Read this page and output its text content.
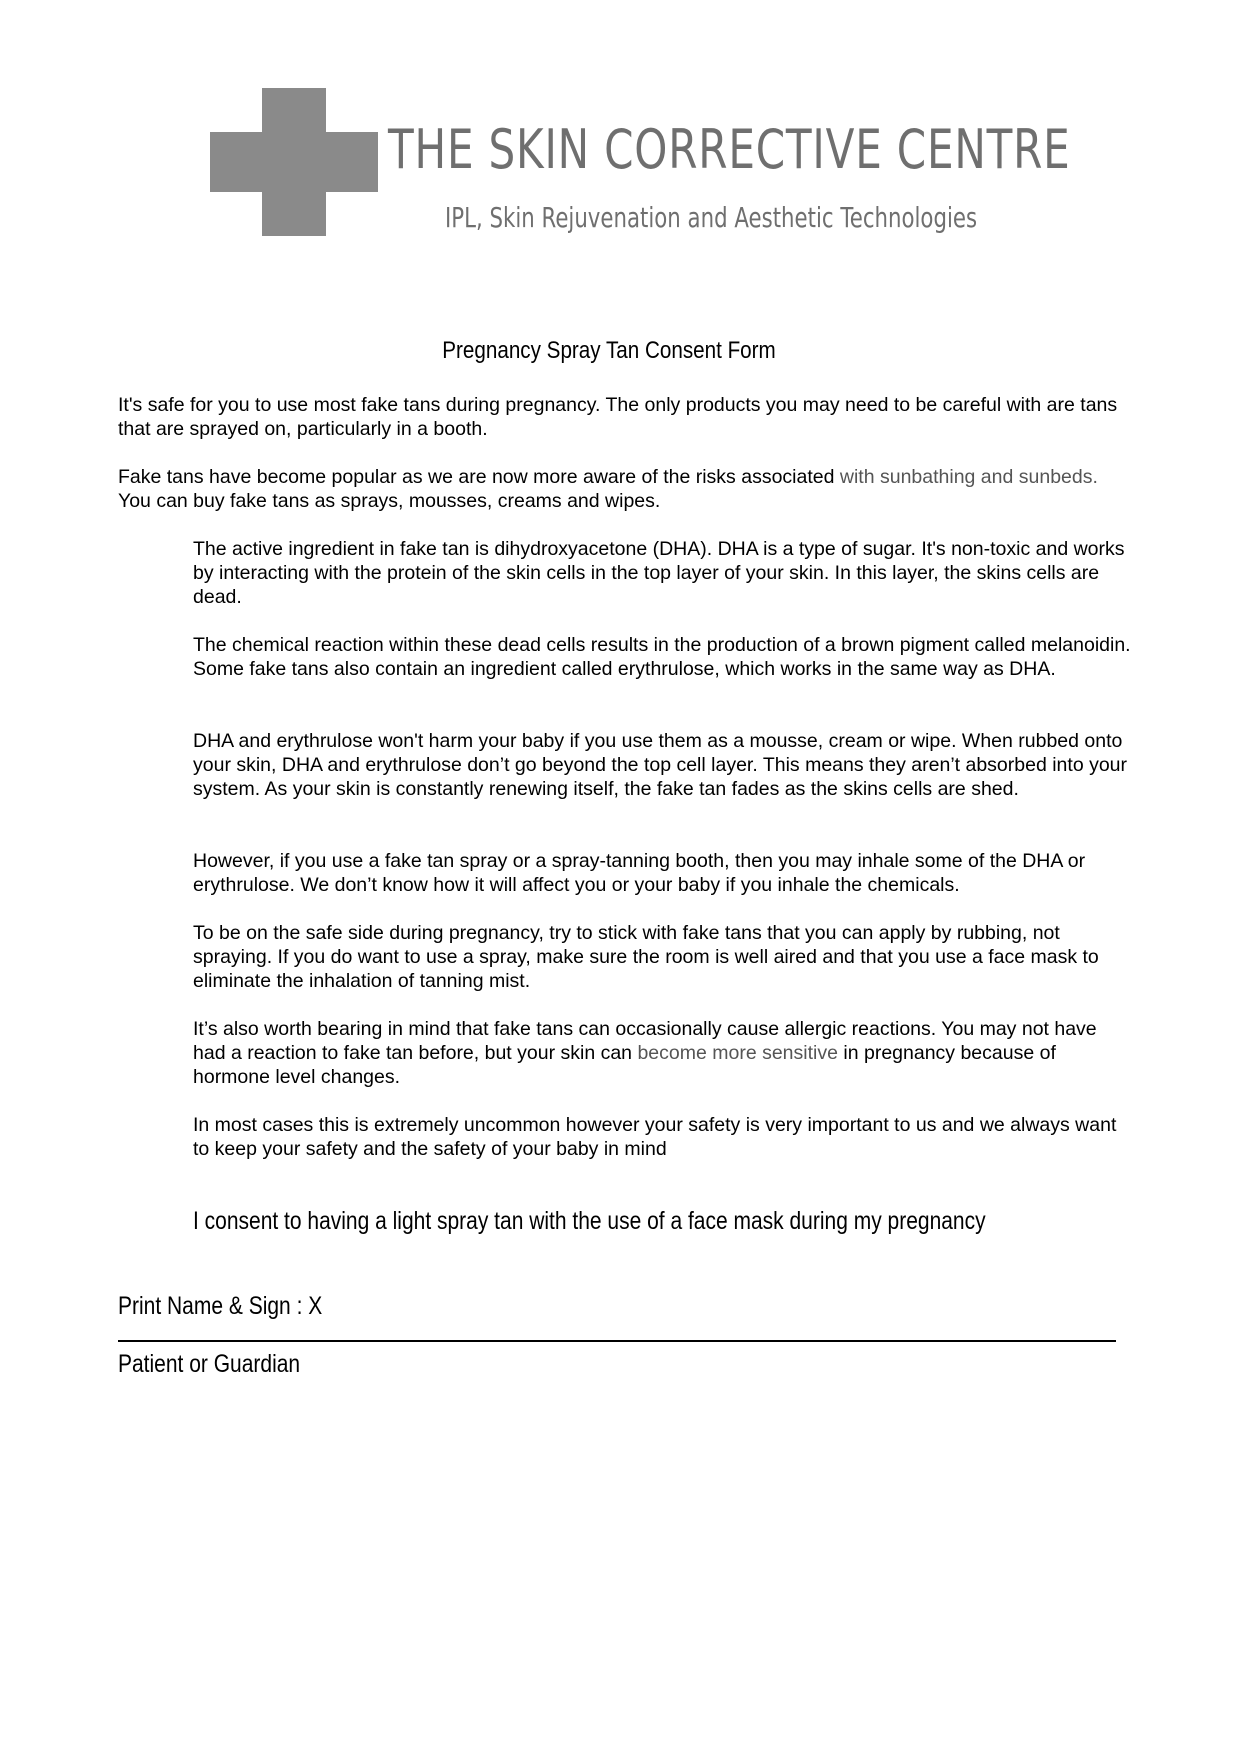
THE SKIN CORRECTIVE CENTRE
IPL, Skin Rejuvenation and Aesthetic Technologies
Pregnancy Spray Tan Consent Form

It's safe for you to use most fake tans during pregnancy. The only products you may need to be careful with are tans that are sprayed on, particularly in a booth.

Fake tans have become popular as we are now more aware of the risks associated with sunbathing and sunbeds. You can buy fake tans as sprays, mousses, creams and wipes.

The active ingredient in fake tan is dihydroxyacetone (DHA). DHA is a type of sugar. It's non-toxic and works by interacting with the protein of the skin cells in the top layer of your skin. In this layer, the skins cells are dead.

The chemical reaction within these dead cells results in the production of a brown pigment called melanoidin. Some fake tans also contain an ingredient called erythrulose, which works in the same way as DHA.

DHA and erythrulose won't harm your baby if you use them as a mousse, cream or wipe. When rubbed onto your skin, DHA and erythrulose don’t go beyond the top cell layer. This means they aren’t absorbed into your system. As your skin is constantly renewing itself, the fake tan fades as the skins cells are shed.

However, if you use a fake tan spray or a spray-tanning booth, then you may inhale some of the DHA or erythrulose. We don’t know how it will affect you or your baby if you inhale the chemicals.

To be on the safe side during pregnancy, try to stick with fake tans that you can apply by rubbing, not spraying. If you do want to use a spray, make sure the room is well aired and that you use a face mask to eliminate the inhalation of tanning mist.

It’s also worth bearing in mind that fake tans can occasionally cause allergic reactions. You may not have had a reaction to fake tan before, but your skin can become more sensitive in pregnancy because of hormone level changes.

In most cases this is extremely uncommon however your safety is very important to us and we always want to keep your safety and the safety of your baby in mind

I consent to having a light spray tan with the use of a face mask during my pregnancy
Print Name & Sign : X
Patient or Guardian
